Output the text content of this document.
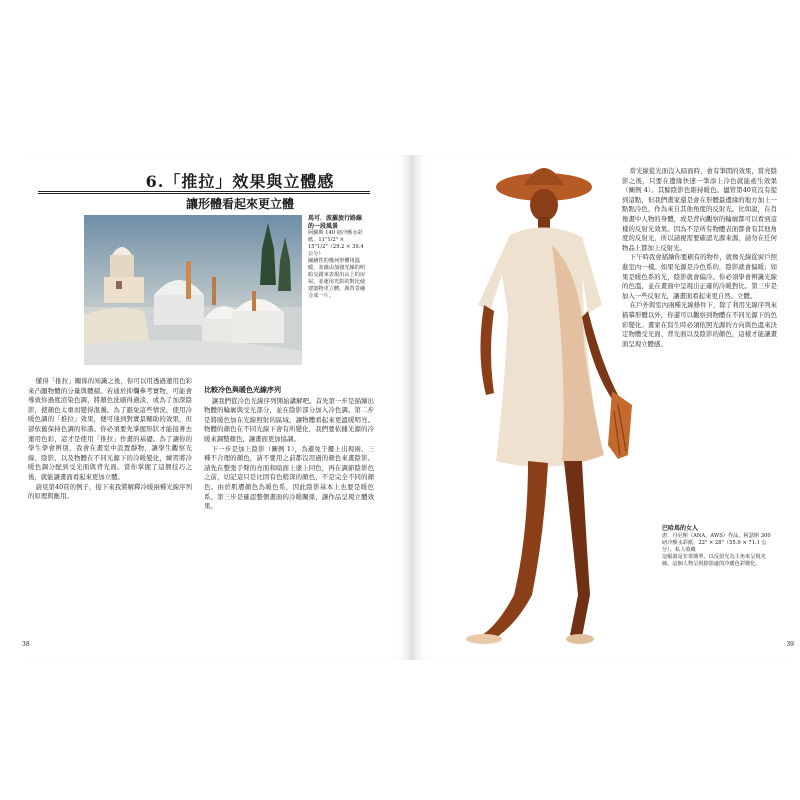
6.「推拉」效果與立體感
讓形體看起來更立體
馬可．波羅旅行路線的一段風景
阿蘇斯 140 磅冷壓水彩紙，11"1/2" × 15"1/2"（29.2 × 39.4 公分）
圖繪性的幾何形體用溫暖、並藉由加強光線的明暗交錯來表現出山上的房屋。並運用光影的對比使建築物更立體，與背景融合成一片。

懂得「推拉」關係的知識之後，你可以用透過運用色彩來凸顯物體的分量與體積。若通於抑爛參考實物，可能會導致你過度渲染色調，將顏色洗刷得過淡，或為了加深陰影，使顏色太重而變得混濁。為了避免這些情況，使用冷暖色調的「推拉」效果，便可達到對實景輔助的效果，但卻依舊保持色調的和諧。你必須要先掌握形狀才能接著去運用色彩，這才是使用「推拉」作畫的基礎。為了讓你的學生學會辨別，我會在畫室中設置靜物，讓學生觀察光線、陰影、以及物體在不同光源下的冷暖變化，練習將冷暖色調分配到受光面與背光面。當你掌握了這個技巧之後，就能讓畫面看起來更加立體。

請見第40頁的例子，接下來我將解釋冷暖兩種光線序列的原理與應用。

比較冷色與暖色光線序列

讓我們從冷色光線序列開始講解吧。首先第一步是描繪出物體的輪廓與受光部分，並在陰影部分加入冷色調。第二步是將暖色加在光線照射的區域，讓物體看起來更溫暖明亮。物體的顏色在不同光線下會有所變化，我們要依據光源的冷暖來調整顏色，讓畫面更加協調。

下一步是加上陰影（圖例 1），為避免于擾上出現兩、三種不合理的顏色，請不要用之前都沒用過的顏色來畫陰影。請先在整張手臂的亮面和暗面上塗上同色，再在調節陰影色之前，切記這只是比固有色稍深的顏色，不是完全不同的顏色。由於肌膚顏色為暖色系，因此陰影基本上也要是暖色系。第三步是確認整個畫面的冷暖關係，讓作品呈現立體效果。

38

當光線從光面沒入暗面時，會有筆間的效果，當亮陰影之後，只要在邊緣快速一筆添上冷色就能產生效果（圖例 4）。其餘陰影色維持暖色。儘管第40頁沒有提到這點，但我們畫家還是會在形體最邊緣的地方加上一點點冷色，作為來自其他角度的反射光。比如說，在肖像畫中人物的身體，或是背向觀察的輪廓都可以看到這樣的反射光效果。因為不是所有物體表面都會有其他角度的反射光，所以請視需要確認光源來源，請勿在任何物品上都加上反射光。

下午時我會描繪你要刷有的物件，就像光線從窗戶照進室內一樣。如果光源是冷色系的，陰影就會偏暖；如果是暖色系的光，陰影就會偏冷。你必須學會辨識光線的色溫，並在畫面中呈現出正確的冷暖對比。第三步是加入一些反射光，讓畫面看起來更自然、立體。

在戶外與室內兩種光線條件下，除了利用光線序列來描摹形體以外，你還可以觀察到物體在不同光源下的色彩變化。畫家在寫生時必須依照光源的方向與色溫來決定物體受光面、背光面以及陰影的顏色，這樣才能讓畫面呈現立體感。

巴哈馬的女人
唐．丹尼斯（ANA，AWS）作品。阿瑟斯 300 磅冷壓水彩紙，22" × 28"（55.9 × 71.1 公分）。私人收藏
這幅畫是非常簡單，以反射光為主角來呈現光線。這個人物呈現陰影處的冷暖色彩變化。
39
